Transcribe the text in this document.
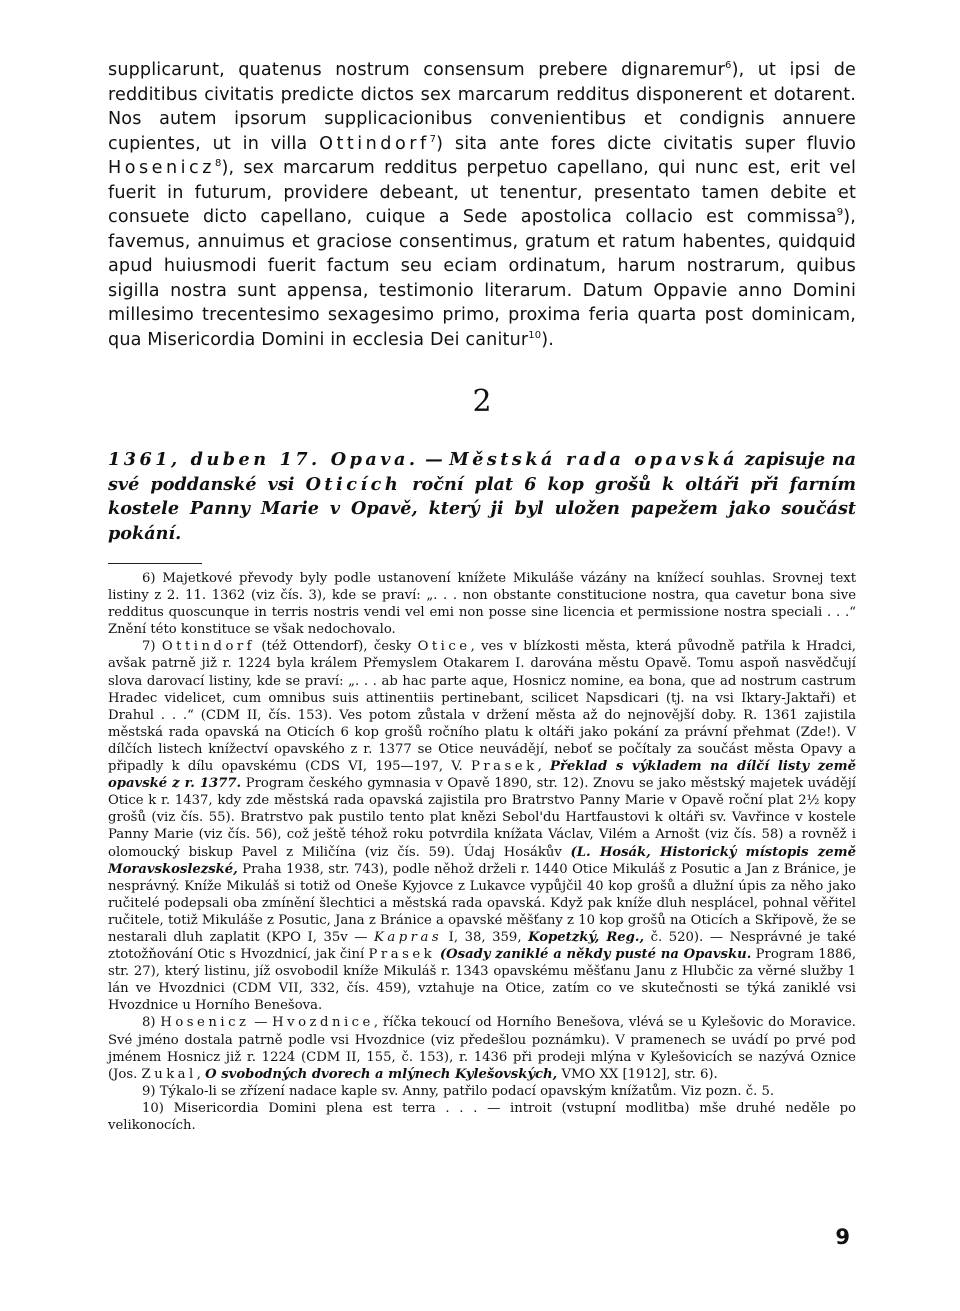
supplicarunt, quatenus nostrum consensum prebere dignaremur$^6$), ut ipsi de redditibus civitatis predicte dictos sex marcarum redditus disponerent et dotarent. Nos autem ipsorum supplicacionibus convenientibus et condignis annuere cupientes, ut in villa Ottindorf$^7$) sita ante fores dicte civitatis super fluvio Hosenicz$^8$), sex marcarum redditus perpetuo capellano, qui nunc est, erit vel fuerit in futurum, providere debeant, ut tenentur, presentato tamen debite et consuete dicto capellano, cuique a Sede apostolica collacio est commissa$^9$), favemus, annuimus et graciose consentimus, gratum et ratum habentes, quidquid apud huiusmodi fuerit factum seu eciam ordinatum, harum nostrarum, quibus sigilla nostra sunt appensa, testimonio literarum. Datum Oppavie anno Domini millesimo trecentesimo sexagesimo primo, proxima feria quarta post dominicam, qua Misericordia Domini in ecclesia Dei canitur$^{10}$).

2

1361, duben 17. Opava. — Městská rada opavská zapisuje na své poddanské vsi Oticích roční plat 6 kop grošů k oltáři při farním kostele Panny Marie v Opavě, který ji byl uložen papežem jako součást pokání.

6) Majetkové převody byly podle ustanovení knížete Mikuláše vázány na knížecí souhlas. Srovnej text listiny z 2. 11. 1362 (viz čís. 3), kde se praví: „. . . non obstante constitucione nostra, qua cavetur bona sive redditus quoscunque in terris nostris vendi vel emi non posse sine licencia et permissione nostra speciali . . .“ Znění této konstituce se však nedochovalo.

7) Ottindorf (též Ottendorf), česky Otice, ves v blízkosti města, která původně patřila k Hradci, avšak patrně již r. 1224 byla králem Přemyslem Otakarem I. darována městu Opavě. Tomu aspoň nasvědčují slova darovací listiny, kde se praví: „. . . ab hac parte aque, Hosnicz nomine, ea bona, que ad nostrum castrum Hradec videlicet, cum omnibus suis attinentiis pertinebant, scilicet Napsdicari (tj. na vsi Iktary-Jaktaři) et Drahul . . .“ (CDM II, čís. 153). Ves potom zůstala v držení města až do nejnovější doby. R. 1361 zajistila městská rada opavská na Oticích 6 kop grošů ročního platu k oltáři jako pokání za právní přehmat (Zde!). V dílčích listech knížectví opavského z r. 1377 se Otice neuvádějí, neboť se počítaly za součást města Opavy a připadly k dílu opavskému (CDS VI, 195—197, V. Prasek, Překlad s výkladem na dílčí listy země opavské z r. 1377. Program českého gymnasia v Opavě 1890, str. 12). Znovu se jako městský majetek uvádějí Otice k r. 1437, kdy zde městská rada opavská zajistila pro Bratrstvo Panny Marie v Opavě roční plat 2½ kopy grošů (viz čís. 55). Bratrstvo pak pustilo tento plat knězi Sebol'du Hartfaustovi k oltáři sv. Vavřince v kostele Panny Marie (viz čís. 56), což ještě téhož roku potvrdila knížata Václav, Vilém a Arnošt (viz čís. 58) a rovněž i olomoucký biskup Pavel z Miličína (viz čís. 59). Údaj Hosákův (L. Hosák, Historický místopis země Moravskoslezské, Praha 1938, str. 743), podle něhož drželi r. 1440 Otice Mikuláš z Posutic a Jan z Bránice, je nesprávný. Kníže Mikuláš si totiž od Oneše Kyjovce z Lukavce vypůjčil 40 kop grošů a dlužní úpis za něho jako ručitelé podepsali oba zmínění šlechtici a městská rada opavská. Když pak kníže dluh nesplácel, pohnal věřitel ručitele, totiž Mikuláše z Posutic, Jana z Bránice a opavské měšťany z 10 kop grošů na Oticích a Skřipově, že se nestarali dluh zaplatit (KPO I, 35v — Kapras I, 38, 359, Kopetzký, Reg., č. 520). — Nesprávné je také ztotožňování Otic s Hvozdnicí, jak činí Prasek (Osady zaniklé a někdy pusté na Opavsku. Program 1886, str. 27), který listinu, jíž osvobodil kníže Mikuláš r. 1343 opavskému měšťanu Janu z Hlubčic za věrné služby 1 lán ve Hvozdnici (CDM VII, 332, čís. 459), vztahuje na Otice, zatím co ve skutečnosti se týká zaniklé vsi Hvozdnice u Horního Benešova.

8) Hosenicz — Hvozdnice, říčka tekoucí od Horního Benešova, vlévá se u Kylešovic do Moravice. Své jméno dostala patrně podle vsi Hvozdnice (viz předešlou poznámku). V pramenech se uvádí po prvé pod jménem Hosnicz již r. 1224 (CDM II, 155, č. 153), r. 1436 při prodeji mlýna v Kylešovicích se nazývá Oznice (Jos. Zukal, O svobodných dvorech a mlýnech Kylešovských, VMO XX [1912], str. 6).

9) Týkalo-li se zřízení nadace kaple sv. Anny, patřilo podací opavským knížatům. Viz pozn. č. 5.

10) Misericordia Domini plena est terra . . . — introit (vstupní modlitba) mše druhé neděle po velikonocích.

9
